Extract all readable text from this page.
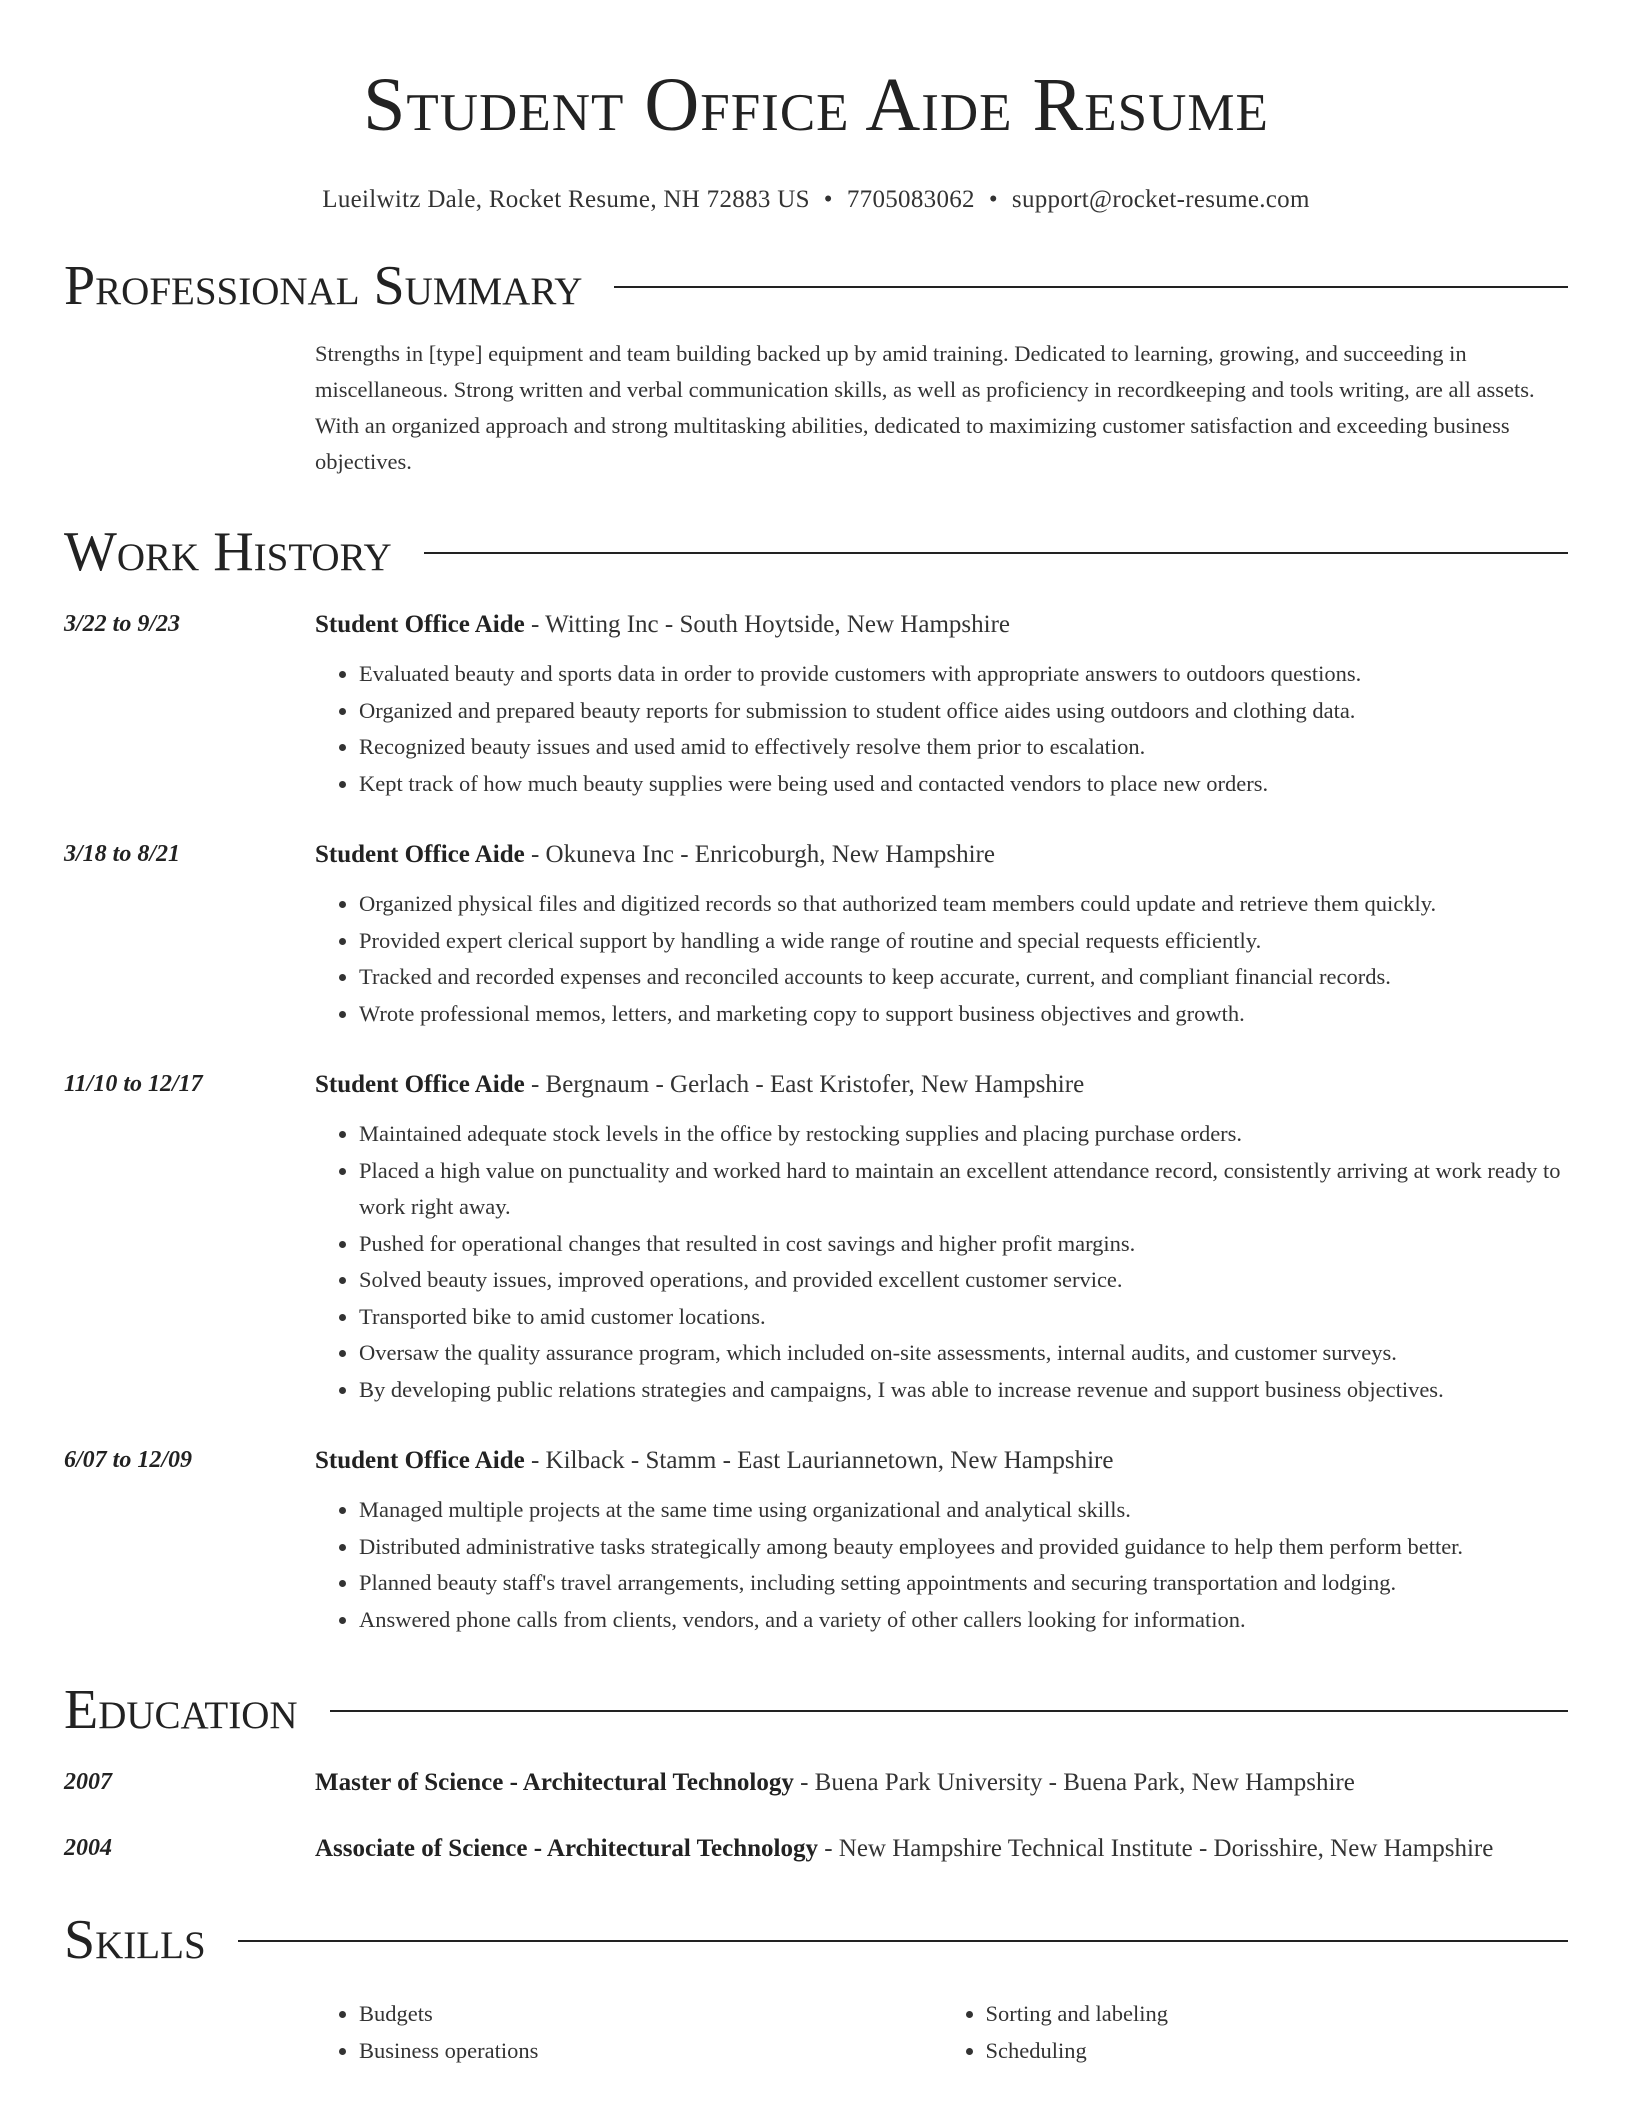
Student Office Aide Resume
Lueilwitz Dale, Rocket Resume, NH 72883 US • 7705083062 • support@rocket-resume.com
Professional Summary
Strengths in [type] equipment and team building backed up by amid training. Dedicated to learning, growing, and succeeding in miscellaneous. Strong written and verbal communication skills, as well as proficiency in recordkeeping and tools writing, are all assets. With an organized approach and strong multitasking abilities, dedicated to maximizing customer satisfaction and exceeding business objectives.
Work History
3/22 to 9/23	Student Office Aide - Witting Inc - South Hoytside, New Hampshire
• Evaluated beauty and sports data in order to provide customers with appropriate answers to outdoors questions.
• Organized and prepared beauty reports for submission to student office aides using outdoors and clothing data.
• Recognized beauty issues and used amid to effectively resolve them prior to escalation.
• Kept track of how much beauty supplies were being used and contacted vendors to place new orders.
3/18 to 8/21	Student Office Aide - Okuneva Inc - Enricoburgh, New Hampshire
• Organized physical files and digitized records so that authorized team members could update and retrieve them quickly.
• Provided expert clerical support by handling a wide range of routine and special requests efficiently.
• Tracked and recorded expenses and reconciled accounts to keep accurate, current, and compliant financial records.
• Wrote professional memos, letters, and marketing copy to support business objectives and growth.
11/10 to 12/17	Student Office Aide - Bergnaum - Gerlach - East Kristofer, New Hampshire
• Maintained adequate stock levels in the office by restocking supplies and placing purchase orders.
• Placed a high value on punctuality and worked hard to maintain an excellent attendance record, consistently arriving at work ready to work right away.
• Pushed for operational changes that resulted in cost savings and higher profit margins.
• Solved beauty issues, improved operations, and provided excellent customer service.
• Transported bike to amid customer locations.
• Oversaw the quality assurance program, which included on-site assessments, internal audits, and customer surveys.
• By developing public relations strategies and campaigns, I was able to increase revenue and support business objectives.
6/07 to 12/09	Student Office Aide - Kilback - Stamm - East Lauriannetown, New Hampshire
• Managed multiple projects at the same time using organizational and analytical skills.
• Distributed administrative tasks strategically among beauty employees and provided guidance to help them perform better.
• Planned beauty staff's travel arrangements, including setting appointments and securing transportation and lodging.
• Answered phone calls from clients, vendors, and a variety of other callers looking for information.
Education
2007	Master of Science - Architectural Technology - Buena Park University - Buena Park, New Hampshire
2004	Associate of Science - Architectural Technology - New Hampshire Technical Institute - Dorisshire, New Hampshire
Skills
• Budgets
• Business operations
• Sorting and labeling
• Scheduling
